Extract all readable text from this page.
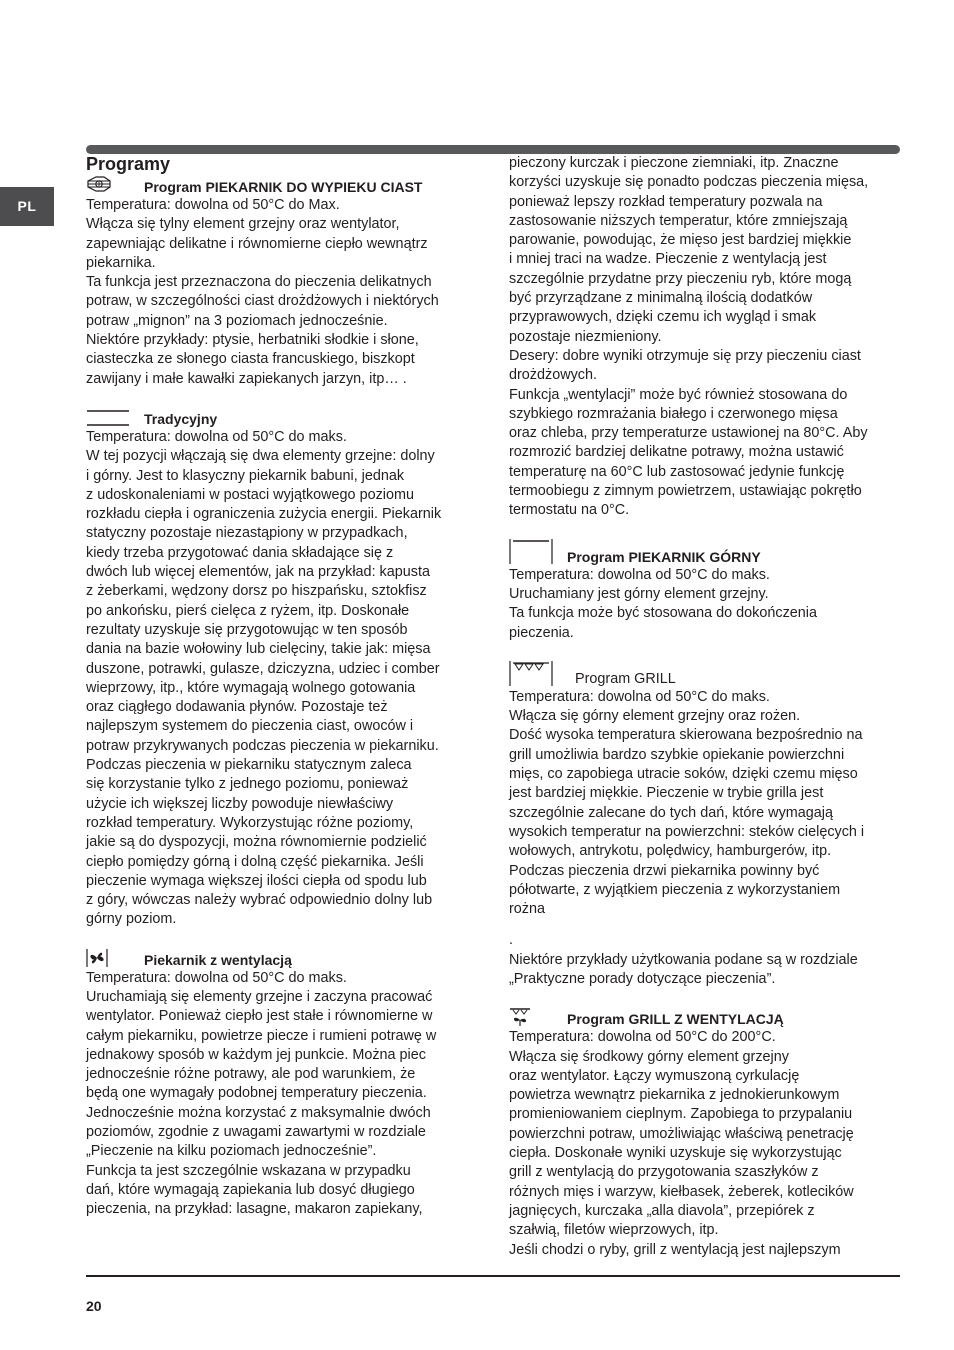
PL

Programy

Program PIEKARNIK DO WYPIEKU CIAST

Temperatura: dowolna od 50°C do Max.

Włącza się tylny element grzejny oraz wentylator,

zapewniając delikatne i równomierne ciepło wewnątrz

piekarnika.

Ta funkcja jest przeznaczona do pieczenia delikatnych

potraw, w szczególności ciast drożdżowych i niektórych

potraw „mignon” na 3 poziomach jednocześnie.

Niektóre przykłady: ptysie, herbatniki słodkie i słone,

ciasteczka ze słonego ciasta francuskiego, biszkopt

zawijany i małe kawałki zapiekanych jarzyn, itp… .

Tradycyjny

Temperatura: dowolna od 50°C do maks.

W tej pozycji włączają się dwa elementy grzejne: dolny

i górny. Jest to klasyczny piekarnik babuni, jednak

z udoskonaleniami w postaci wyjątkowego poziomu

rozkładu ciepła i ograniczenia zużycia energii. Piekarnik

statyczny pozostaje niezastąpiony w przypadkach,

kiedy trzeba przygotować dania składające się z

dwóch lub więcej elementów, jak na przykład: kapusta

z żeberkami, wędzony dorsz po hiszpańsku, sztokfisz

po ankońsku, pierś cielęca z ryżem, itp. Doskonałe

rezultaty uzyskuje się przygotowując w ten sposób

dania na bazie wołowiny lub cielęciny, takie jak: mięsa

duszone, potrawki, gulasze, dziczyzna, udziec i comber

wieprzowy, itp., które wymagają wolnego gotowania

oraz ciągłego dodawania płynów. Pozostaje też

najlepszym systemem do pieczenia ciast, owoców i

potraw przykrywanych podczas pieczenia w piekarniku.

Podczas pieczenia w piekarniku statycznym zaleca

się korzystanie tylko z jednego poziomu, ponieważ

użycie ich większej liczby powoduje niewłaściwy

rozkład temperatury. Wykorzystując różne poziomy,

jakie są do dyspozycji, można równomiernie podzielić

ciepło pomiędzy górną i dolną część piekarnika. Jeśli

pieczenie wymaga większej ilości ciepła od spodu lub

z góry, wówczas należy wybrać odpowiednio dolny lub

górny poziom.

Piekarnik z wentylacją

Temperatura: dowolna od 50°C do maks.

Uruchamiają się elementy grzejne i zaczyna pracować

wentylator. Ponieważ ciepło jest stałe i równomierne w

całym piekarniku, powietrze piecze i rumieni potrawę w

jednakowy sposób w każdym jej punkcie. Można piec

jednocześnie różne potrawy, ale pod warunkiem, że

będą one wymagały podobnej temperatury pieczenia.

Jednocześnie można korzystać z maksymalnie dwóch

poziomów, zgodnie z uwagami zawartymi w rozdziale

„Pieczenie na kilku poziomach jednocześnie”.

Funkcja ta jest szczególnie wskazana w przypadku

dań, które wymagają zapiekania lub dosyć długiego

pieczenia, na przykład: lasagne, makaron zapiekany,

pieczony kurczak i pieczone ziemniaki, itp. Znaczne

korzyści uzyskuje się ponadto podczas pieczenia mięsa,

ponieważ lepszy rozkład temperatury pozwala na

zastosowanie niższych temperatur, które zmniejszają

parowanie, powodując, że mięso jest bardziej miękkie

i mniej traci na wadze. Pieczenie z wentylacją jest

szczególnie przydatne przy pieczeniu ryb, które mogą

być przyrządzane z minimalną ilością dodatków

przyprawowych, dzięki czemu ich wygląd i smak

pozostaje niezmieniony.

Desery: dobre wyniki otrzymuje się przy pieczeniu ciast

drożdżowych.

Funkcja „wentylacji” może być również stosowana do

szybkiego rozmrażania białego i czerwonego mięsa

oraz chleba, przy temperaturze ustawionej na 80°C. Aby

rozmrozić bardziej delikatne potrawy, można ustawić

temperaturę na 60°C lub zastosować jedynie funkcję

termoobiegu z zimnym powietrzem, ustawiając pokrętło

termostatu na 0°C.

Program PIEKARNIK GÓRNY

Temperatura: dowolna od 50°C do maks.

Uruchamiany jest górny element grzejny.

Ta funkcja może być stosowana do dokończenia

pieczenia.

Program GRILL

Temperatura: dowolna od 50°C do maks.

Włącza się górny element grzejny oraz rożen.

Dość wysoka temperatura skierowana bezpośrednio na

grill umożliwia bardzo szybkie opiekanie powierzchni

mięs, co zapobiega utracie soków, dzięki czemu mięso

jest bardziej miękkie. Pieczenie w trybie grilla jest

szczególnie zalecane do tych dań, które wymagają

wysokich temperatur na powierzchni: steków cielęcych i

wołowych, antrykotu, polędwicy, hamburgerów, itp.

Podczas pieczenia drzwi piekarnika powinny być

półotwarte, z wyjątkiem pieczenia z wykorzystaniem

rożna

.

Niektóre przykłady użytkowania podane są w rozdziale

„Praktyczne porady dotyczące pieczenia”.

Program GRILL Z WENTYLACJĄ

Temperatura: dowolna od 50°C do 200°C.

Włącza się środkowy górny element grzejny

oraz wentylator. Łączy wymuszoną cyrkulację

powietrza wewnątrz piekarnika z jednokierunkowym

promieniowaniem cieplnym. Zapobiega to przypalaniu

powierzchni potraw, umożliwiając właściwą penetrację

ciepła. Doskonałe wyniki uzyskuje się wykorzystując

grill z wentylacją do przygotowania szaszłyków z

różnych mięs i warzyw, kiełbasek, żeberek, kotlecików

jagnięcych, kurczaka „alla diavola”, przepiórek z

szałwią, filetów wieprzowych, itp.

Jeśli chodzi o ryby, grill z wentylacją jest najlepszym

20
